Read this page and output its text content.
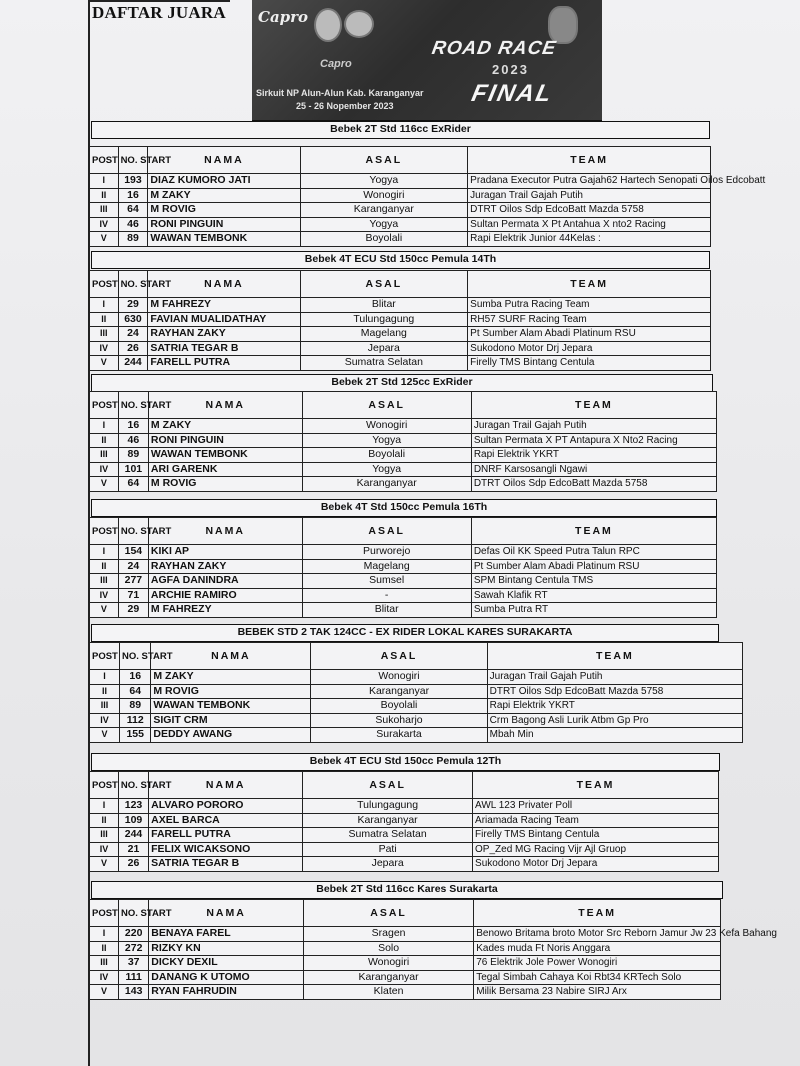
DAFTAR JUARA Capro
Capro
ROAD RACE
2023
FINAL
Sirkuit NP Alun-Alun Kab. Karanganyar
25 - 26 Nopember 2023
Bebek 2T Std 116cc ExRider
POST	NO. START	NAMA	ASAL	TEAM
I	193	DIAZ KUMORO JATI	Yogya	Pradana Executor Putra Gajah62 Hartech Senopati Oilos Edcobatt
II	16	M ZAKY	Wonogiri	Juragan Trail Gajah Putih
III	64	M ROVIG	Karanganyar	DTRT Oilos Sdp EdcoBatt Mazda 5758
IV	46	RONI PINGUIN	Yogya	Sultan Permata X Pt Antahua X nto2 Racing
V	89	WAWAN TEMBONK	Boyolali	Rapi Elektrik Junior 44Kelas :
Bebek 4T ECU Std 150cc Pemula 14Th
POST	NO. START	NAMA	ASAL	TEAM
I	29	M FAHREZY	Blitar	Sumba Putra Racing Team
II	630	FAVIAN MUALIDATHAY	Tulungagung	RH57 SURF Racing Team
III	24	RAYHAN ZAKY	Magelang	Pt Sumber Alam Abadi Platinum RSU
IV	26	SATRIA TEGAR B	Jepara	Sukodono Motor Drj Jepara
V	244	FARELL PUTRA	Sumatra Selatan	Firelly TMS Bintang Centula
Bebek 2T Std 125cc ExRider
POST	NO. START	NAMA	ASAL	TEAM
I	16	M ZAKY	Wonogiri	Juragan Trail Gajah Putih
II	46	RONI PINGUIN	Yogya	Sultan Permata X PT Antapura X Nto2 Racing
III	89	WAWAN TEMBONK	Boyolali	Rapi Elektrik YKRT
IV	101	ARI GARENK	Yogya	DNRF Karsosangli Ngawi
V	64	M ROVIG	Karanganyar	DTRT Oilos Sdp EdcoBatt Mazda 5758
Bebek 4T Std 150cc Pemula 16Th
POST	NO. START	NAMA	ASAL	TEAM
I	154	KIKI AP	Purworejo	Defas Oil KK Speed Putra Talun RPC
II	24	RAYHAN ZAKY	Magelang	Pt Sumber Alam Abadi Platinum RSU
III	277	AGFA DANINDRA	Sumsel	SPM Bintang Centula TMS
IV	71	ARCHIE RAMIRO	-	Sawah Klafik RT
V	29	M FAHREZY	Blitar	Sumba Putra RT
BEBEK STD 2 TAK 124CC - EX RIDER LOKAL KARES SURAKARTA
POST	NO. START	NAMA	ASAL	TEAM
I	16	M ZAKY	Wonogiri	Juragan Trail Gajah Putih
II	64	M ROVIG	Karanganyar	DTRT Oilos Sdp EdcoBatt Mazda 5758
III	89	WAWAN TEMBONK	Boyolali	Rapi Elektrik YKRT
IV	112	SIGIT CRM	Sukoharjo	Crm Bagong Asli Lurik Atbm Gp Pro
V	155	DEDDY AWANG	Surakarta	Mbah Min
Bebek 4T ECU Std 150cc Pemula 12Th
POST	NO. START	NAMA	ASAL	TEAM
I	123	ALVARO PORORO	Tulungagung	AWL 123 Privater Poll
II	109	AXEL BARCA	Karanganyar	Ariamada Racing Team
III	244	FARELL PUTRA	Sumatra Selatan	Firelly TMS Bintang Centula
IV	21	FELIX WICAKSONO	Pati	OP_Zed MG Racing Vijr Ajl Gruop
V	26	SATRIA TEGAR B	Jepara	Sukodono Motor Drj Jepara
Bebek 2T Std 116cc Kares Surakarta
POST	NO. START	NAMA	ASAL	TEAM
I	220	BENAYA FAREL	Sragen	Benowo Britama broto Motor Src Reborn Jamur Jw 23 Kefa Bahang
II	272	RIZKY KN	Solo	Kades muda Ft Noris Anggara
III	37	DICKY DEXIL	Wonogiri	76 Elektrik Jole Power Wonogiri
IV	111	DANANG K UTOMO	Karanganyar	Tegal Simbah Cahaya Koi Rbt34 KRTech Solo
V	143	RYAN FAHRUDIN	Klaten	Milik Bersama 23 Nabire SIRJ Arx
